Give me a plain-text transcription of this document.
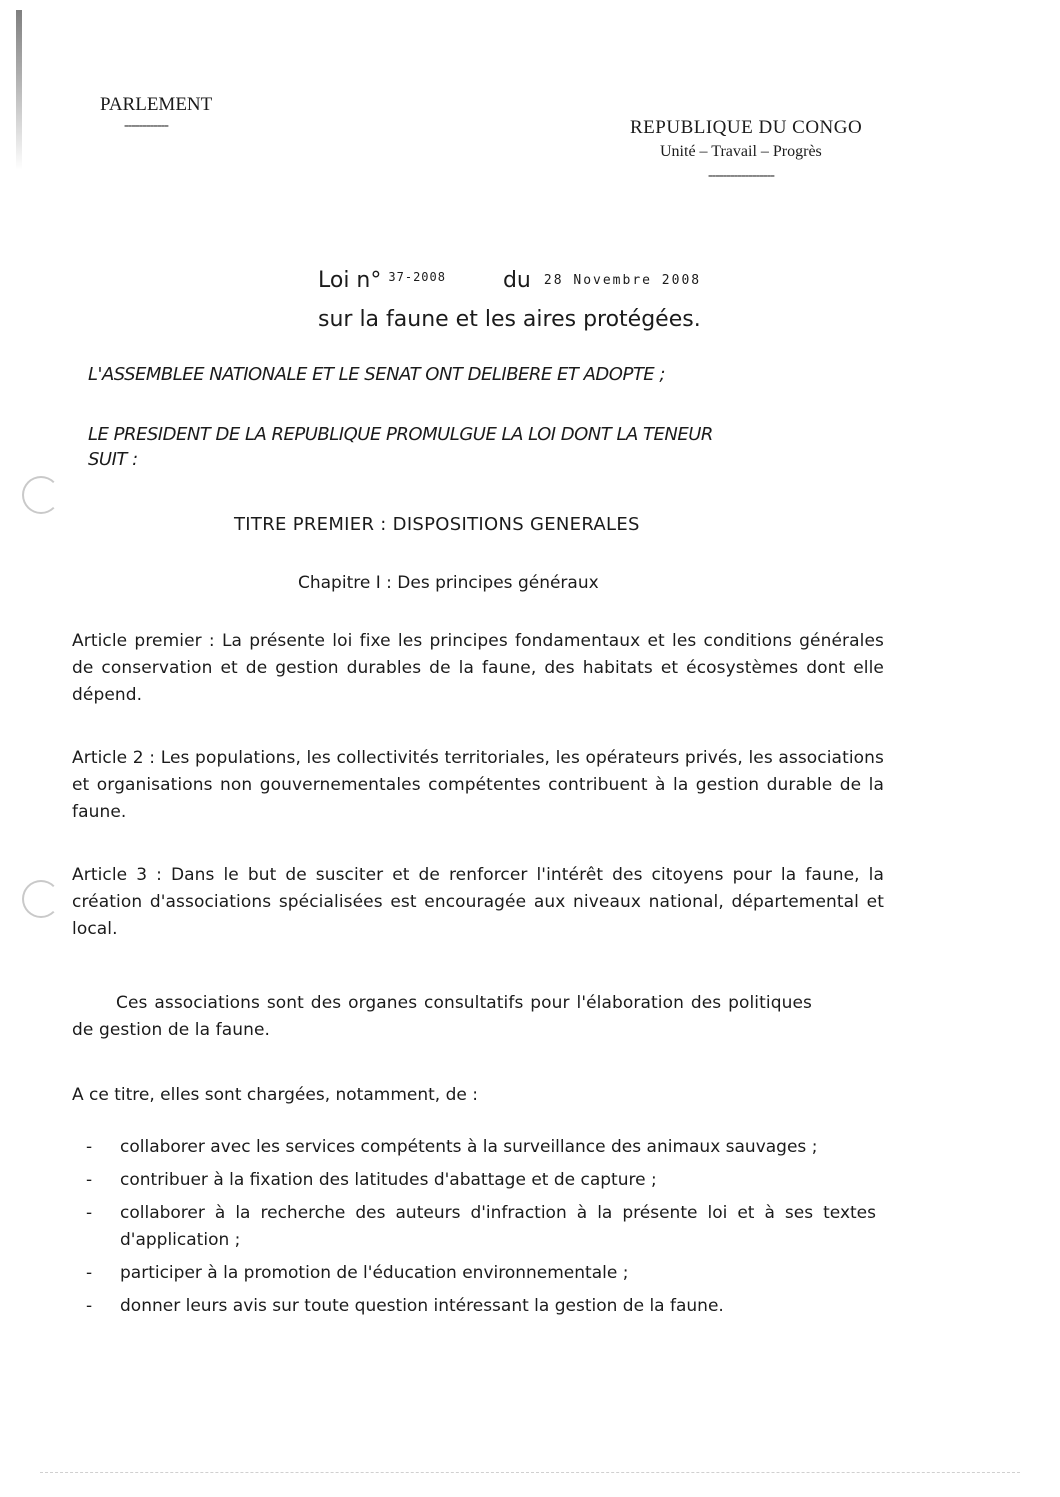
PARLEMENT
------------	REPUBLIQUE DU CONGO
Unité – Travail – Progrès
------------------
Loi n° $^{37-2008}$	du 28 Novembre 2008
sur la faune et les aires protégées.
L'ASSEMBLEE NATIONALE ET LE SENAT ONT DELIBERE ET ADOPTE ;
LE PRESIDENT DE LA REPUBLIQUE PROMULGUE LA LOI DONT LA TENEUR
SUIT :
TITRE PREMIER : DISPOSITIONS GENERALES
Chapitre I : Des principes généraux
Article premier : La présente loi fixe les principes fondamentaux et les conditions générales de conservation et de gestion durables de la faune, des habitats et écosystèmes dont elle dépend.
Article 2 : Les populations, les collectivités territoriales, les opérateurs privés, les associations et organisations non gouvernementales compétentes contribuent à la gestion durable de la faune.
Article 3 : Dans le but de susciter et de renforcer l'intérêt des citoyens pour la faune, la création d'associations spécialisées est encouragée aux niveaux national, départemental et local.
Ces associations sont des organes consultatifs pour l'élaboration des politiques de gestion de la faune.
A ce titre, elles sont chargées, notamment, de :
- collaborer avec les services compétents à la surveillance des animaux sauvages ;
- contribuer à la fixation des latitudes d'abattage et de capture ;
- collaborer à la recherche des auteurs d'infraction à la présente loi et à ses textes d'application ;
- participer à la promotion de l'éducation environnementale ;
- donner leurs avis sur toute question intéressant la gestion de la faune.
